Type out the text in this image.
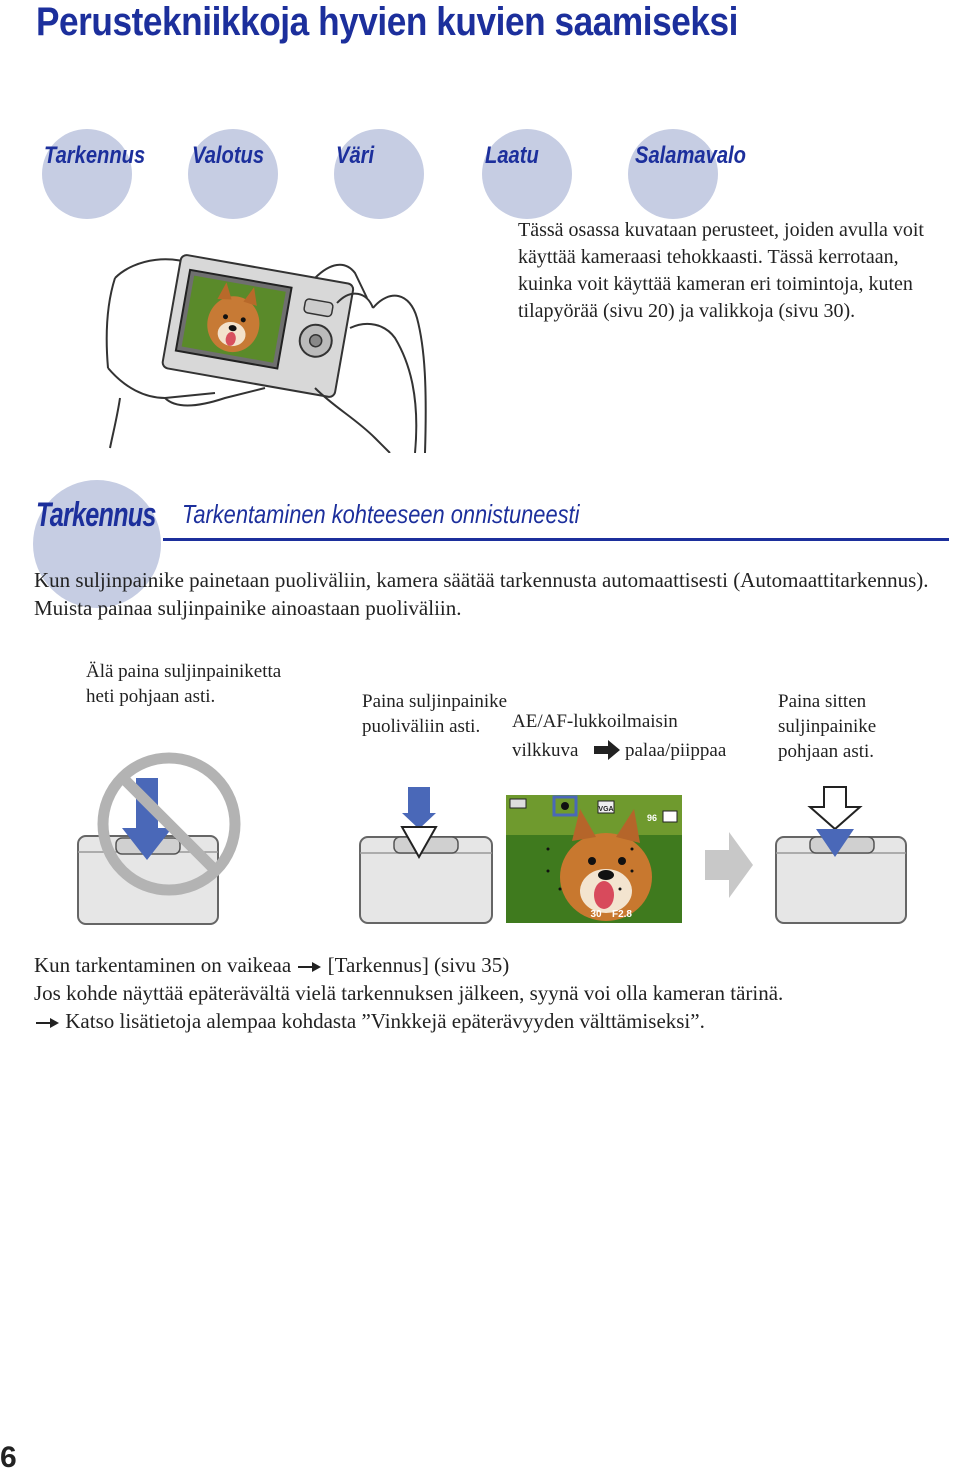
Perustekniikkoja hyvien kuvien saamiseksi
Tarkennus Valotus	Väri	Laatu	Salamavalo
Tässä osassa kuvataan perusteet, joiden avulla voit käyttää kameraasi tehokkaasti. Tässä kerrotaan, kuinka voit käyttää kameran eri toimintoja, kuten tilapyörää (sivu 20) ja valikkoja (sivu 30).
Tarkennus Tarkentaminen kohteeseen onnistuneesti
Kun suljinpainike painetaan puoliväliin, kamera säätää tarkennusta automaattisesti (Automaattitarkennus). Muista painaa suljinpainike ainoastaan puoliväliin.
Älä paina suljinpainiketta heti pohjaan asti.	Paina suljinpainike puoliväliin asti.	AE/AF-lukkoilmaisin
vilkkuva palaa/piippaa
Paina sitten suljinpainike pohjaan asti.
VGA
96
30 F2.8
Kun tarkentaminen on vaikeaa [Tarkennus] (sivu 35)
Jos kohde näyttää epäterävältä vielä tarkennuksen jälkeen, syynä voi olla kameran tärinä.
Katso lisätietoja alempaa kohdasta ”Vinkkejä epäterävyyden välttämiseksi”.
6
